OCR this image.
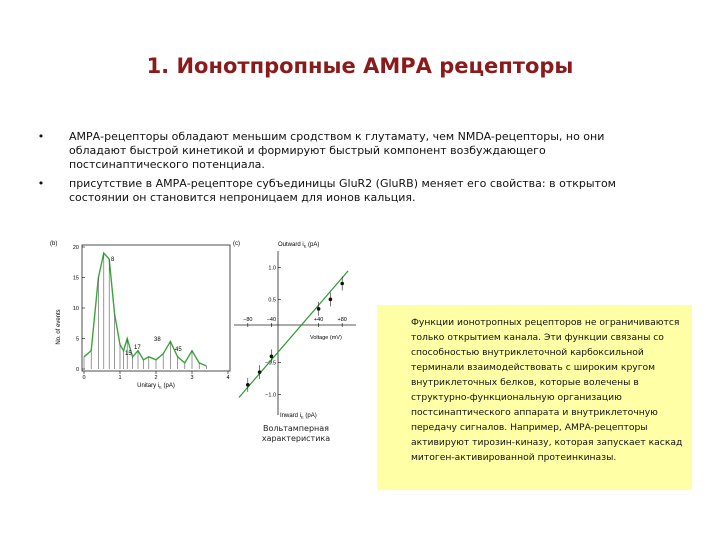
1. Ионотпропные АМРА рецепторы
• АМРА-рецепторы обладают меньшим сродством к глутамату, чем NMDA-рецепторы, но они обладают быстрой кинетикой и формируют быстрый компонент возбуждающего постсинаптического потенциала.
• присутствие в АМРА-рецепторе субъединицы GluR2 (GluRB) меняет его свойства: в открытом состоянии он становится непроницаем для ионов кальция.
(b)
No. of events
20
15
10
5
0
0	1	2	3	4
8
17
15
38
45
Unitary $i_E$ (pA)
(c)	Outward $i_E$ (pA)
1.0
0.5
−0.5
−1.0
−80	−40	+40	+80
Voltage (mV)
Inward $i_E$ (pA)
Вольтамперная характеристика
Функции ионотропных рецепторов не ограничиваются только открытием канала. Эти функции связаны со способностью внутриклеточной карбоксильной терминали взаимодействовать с широким кругом внутриклеточных белков, которые волечены в структурно-функциональную организацию постсинаптического аппарата и внутриклеточную передачу сигналов. Например, АМРА-рецепторы активируют тирозин-киназу, которая запускает каскад митоген-активированной протеинкиназы.
